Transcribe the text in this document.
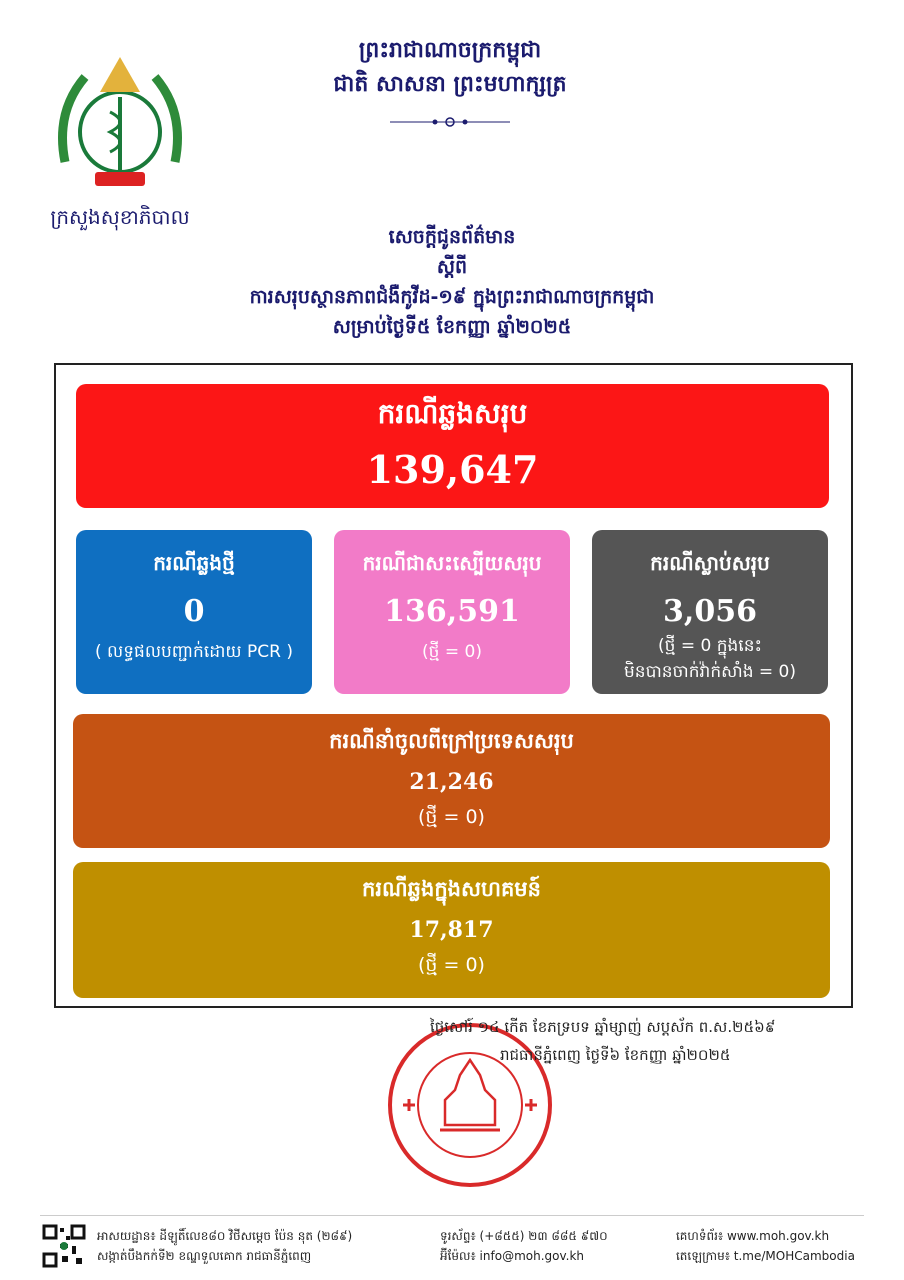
ក្រសួងសុខាភិបាល
ព្រះរាជាណាចក្រកម្ពុជា
ជាតិ សាសនា ព្រះមហាក្សត្រ
សេចក្តីជូនព័ត៌មាន
ស្តីពី
ការសរុបស្ថានភាពជំងឺកូវីដ-១៩ ក្នុងព្រះរាជាណាចក្រកម្ពុជា
សម្រាប់ថ្ងៃទី៥ ខែកញ្ញា ឆ្នាំ២០២៥
ករណីឆ្លងសរុប
139,647
ករណីឆ្លងថ្មី
0
( លទ្ធផលបញ្ជាក់ដោយ PCR )
ករណីជាសះស្បើយសរុប
136,591
(ថ្មី = 0)
ករណីស្លាប់សរុប
3,056
(ថ្មី = 0 ក្នុងនេះ
មិនបានចាក់វ៉ាក់សាំង = 0)
ករណីនាំចូលពីក្រៅប្រទេសសរុប
21,246
(ថ្មី = 0)
ករណីឆ្លងក្នុងសហគមន៍
17,817
(ថ្មី = 0)
ថ្ងៃសៅរ៍ ១៤ កើត ខែភទ្របទ ឆ្នាំម្សាញ់ សប្តស័ក ព.ស.២៥៦៩
រាជធានីភ្នំពេញ ថ្ងៃទី៦ ខែកញ្ញា ឆ្នាំ២០២៥
អាសយដ្ឋាន៖ ដីឡូតិ៍លេខ៨០ វិថីសម្តេច ប៉ែន នុត (២៨៩)
សង្កាត់បឹងកក់ទី២ ខណ្ឌទួលគោក រាជធានីភ្នំពេញ
ទូរស័ព្ទ៖ (+៨៥៥) ២៣ ៨៨៥ ៩៧០
អ៊ីម៉ែល៖ info@moh.gov.kh
គេហទំព័រ៖ www.moh.gov.kh
តេឡេក្រាម៖ t.me/MOHCambodia
